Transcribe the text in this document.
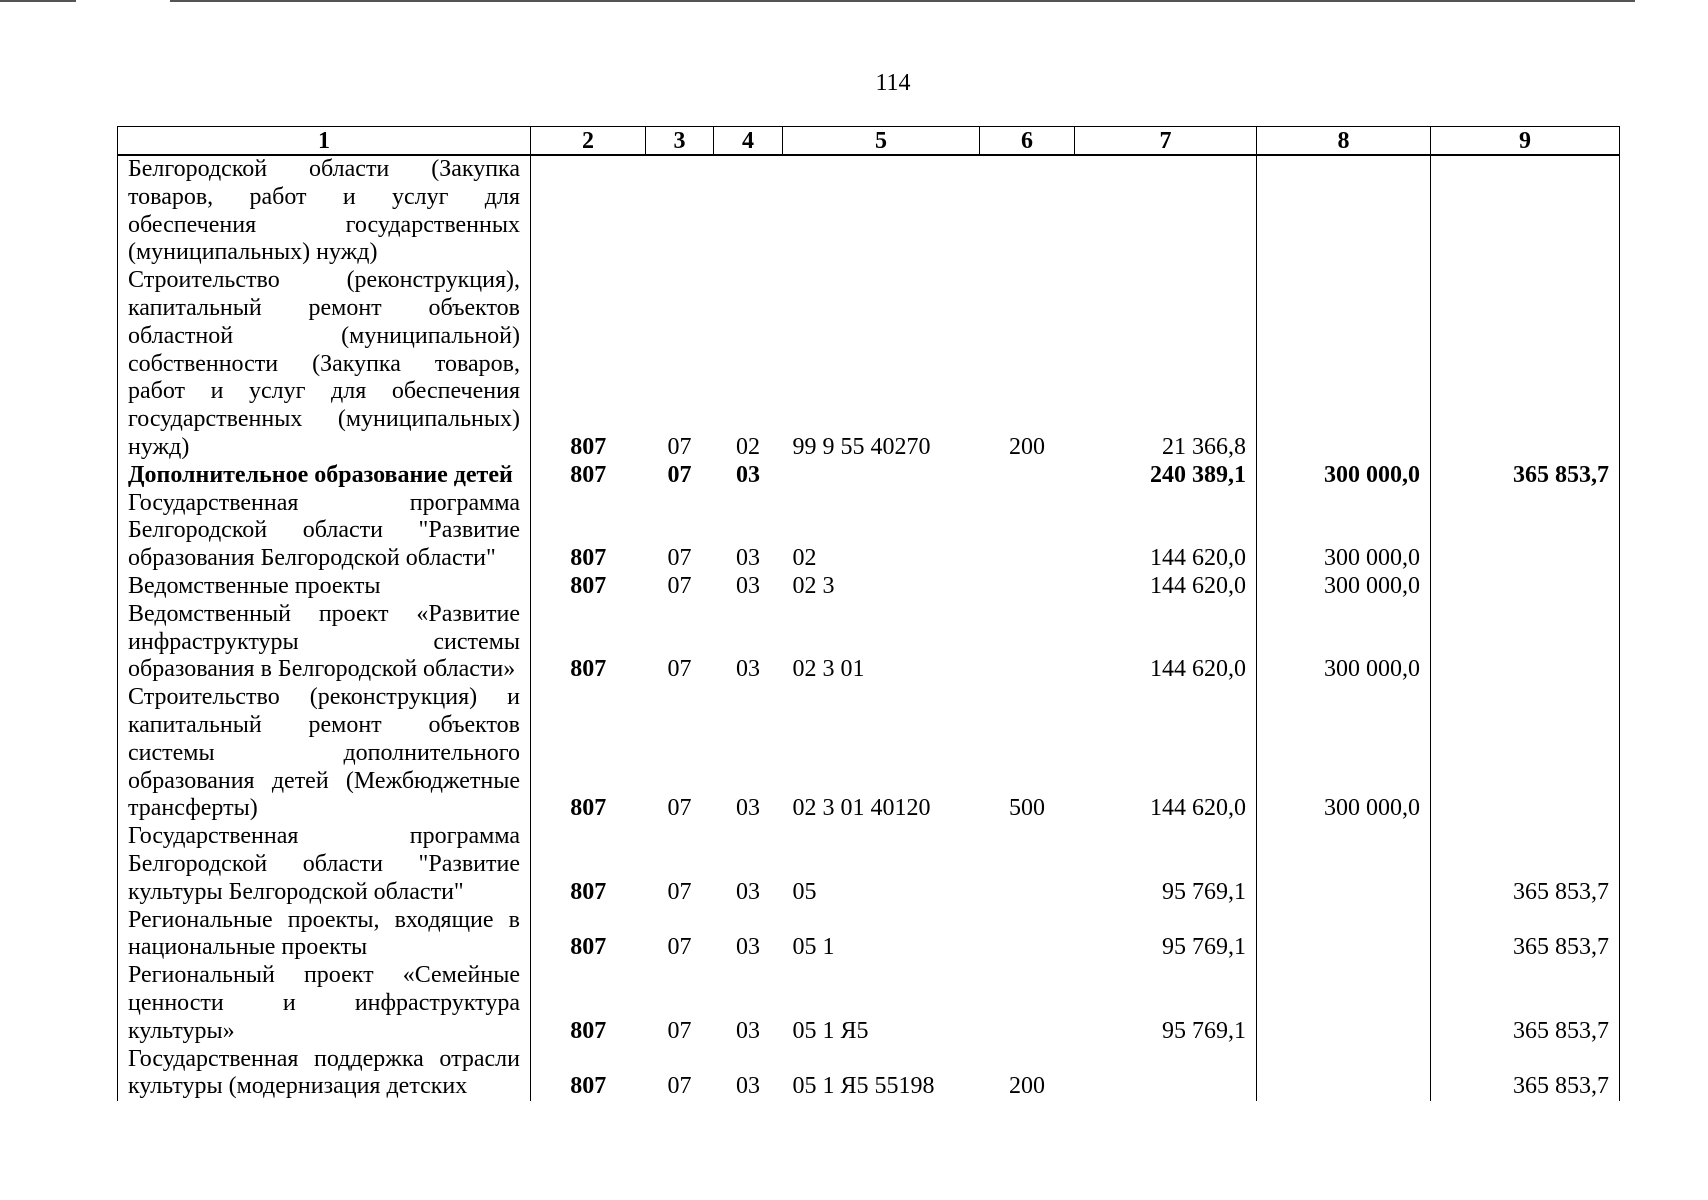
114
1	2	3	4	5	6	7	8	9
Белгородской области (Закупка товаров, работ и услуг для обеспечения государственных (муниципальных) нужд)								
Строительство (реконструкция), капитальный ремонт объектов областной (муниципальной) собственности (Закупка товаров, работ и услуг для обеспечения государственных (муниципальных) нужд)	807	07	02	99 9 55 40270	200	21 366,8		
Дополнительное образование детей	807	07	03			240 389,1	300 000,0	365 853,7
Государственная программа Белгородской области "Развитие образования Белгородской области"	807	07	03	02		144 620,0	300 000,0	
Ведомственные проекты	807	07	03	02 3		144 620,0	300 000,0	
Ведомственный проект «Развитие инфраструктуры системы образования в Белгородской области»	807	07	03	02 3 01		144 620,0	300 000,0	
Строительство (реконструкция) и капитальный ремонт объектов системы дополнительного образования детей (Межбюджетные трансферты)	807	07	03	02 3 01 40120	500	144 620,0	300 000,0	
Государственная программа Белгородской области "Развитие культуры Белгородской области"	807	07	03	05		95 769,1		365 853,7
Региональные проекты, входящие в национальные проекты	807	07	03	05 1		95 769,1		365 853,7
Региональный проект «Семейные ценности и инфраструктура культуры»	807	07	03	05 1 Я5		95 769,1		365 853,7
Государственная поддержка отрасли культуры (модернизация детских	807	07	03	05 1 Я5 55198	200			365 853,7
